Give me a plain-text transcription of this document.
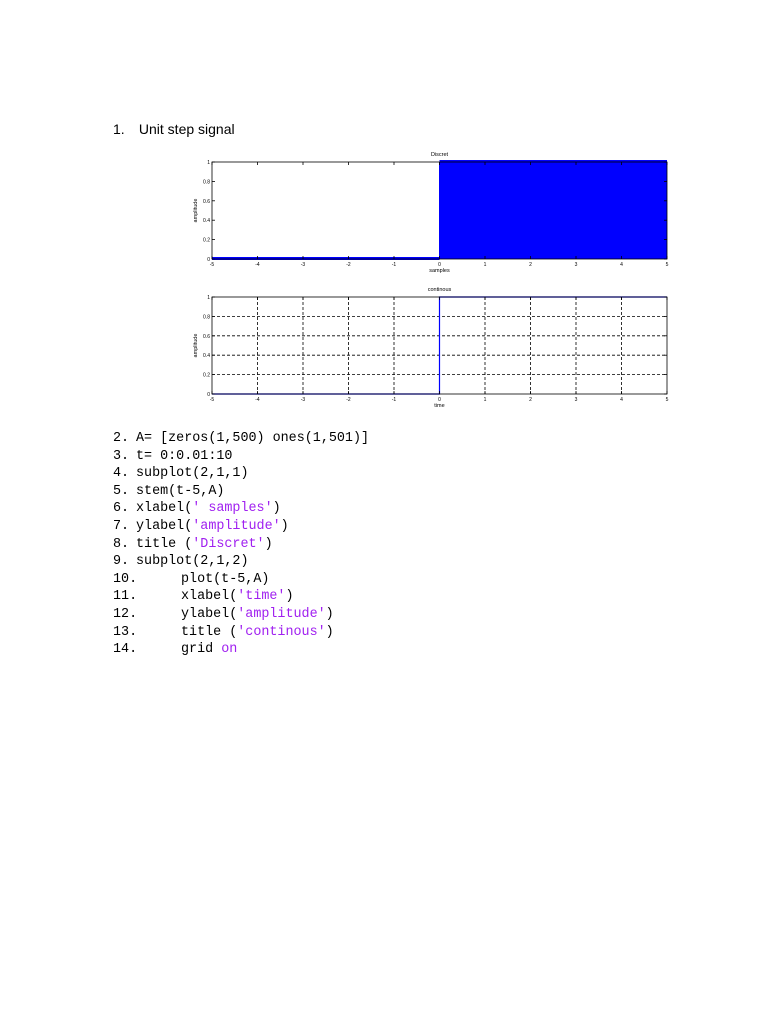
1. Unit step signal
-5	-4	-3	-2	-1	0	1	2	3	4	5
0
0.2
0.4
0.6
0.8
1
Discret
samples
amplitude
-5	-4	-3	-2	-1	0	1	2	3	4	5
0
0.2
0.4
0.6
0.8
1
continous
time
amplitude
2. A= [zeros(1,500) ones(1,501)]
3. t= 0:0.01:10
4. subplot(2,1,1)
5. stem(t-5,A)
6. xlabel(' samples')
7. ylabel('amplitude')
8. title ('Discret')
9. subplot(2,1,2)
10.	plot(t-5,A)
11.	xlabel('time')
12.	ylabel('amplitude')
13.	title ('continous')
14.	grid on
